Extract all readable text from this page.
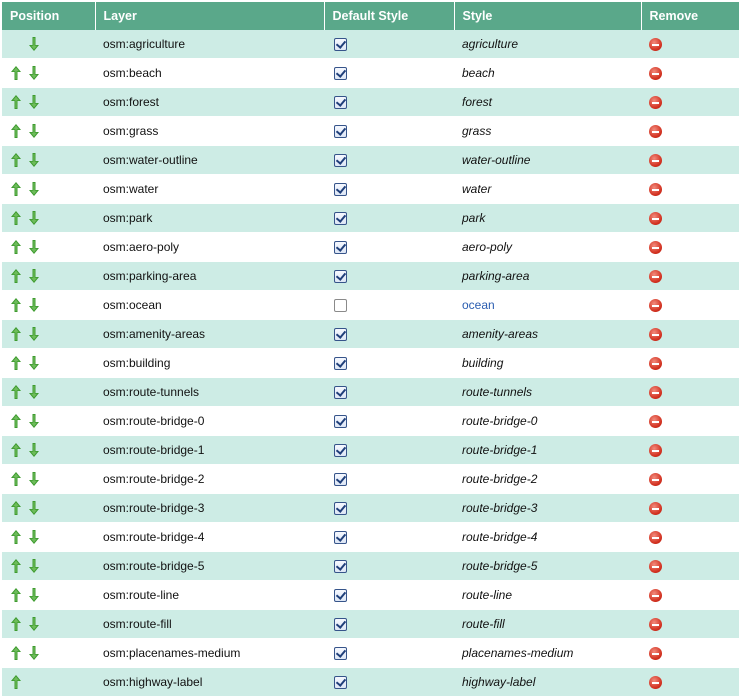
Position	Layer	Default Style	Style	Remove

	osm:agriculture		agriculture	

	osm:beach		beach	

	osm:forest		forest	

	osm:grass		grass	

	osm:water-outline		water-outline	

	osm:water		water	

	osm:park		park	

	osm:aero-poly		aero-poly	

	osm:parking-area		parking-area	

	osm:ocean		ocean	

	osm:amenity-areas		amenity-areas	

	osm:building		building	

	osm:route-tunnels		route-tunnels	

	osm:route-bridge-0		route-bridge-0	

	osm:route-bridge-1		route-bridge-1	

	osm:route-bridge-2		route-bridge-2	

	osm:route-bridge-3		route-bridge-3	

	osm:route-bridge-4		route-bridge-4	

	osm:route-bridge-5		route-bridge-5	

	osm:route-line		route-line	

	osm:route-fill		route-fill	

	osm:placenames-medium		placenames-medium	

	osm:highway-label		highway-label	
